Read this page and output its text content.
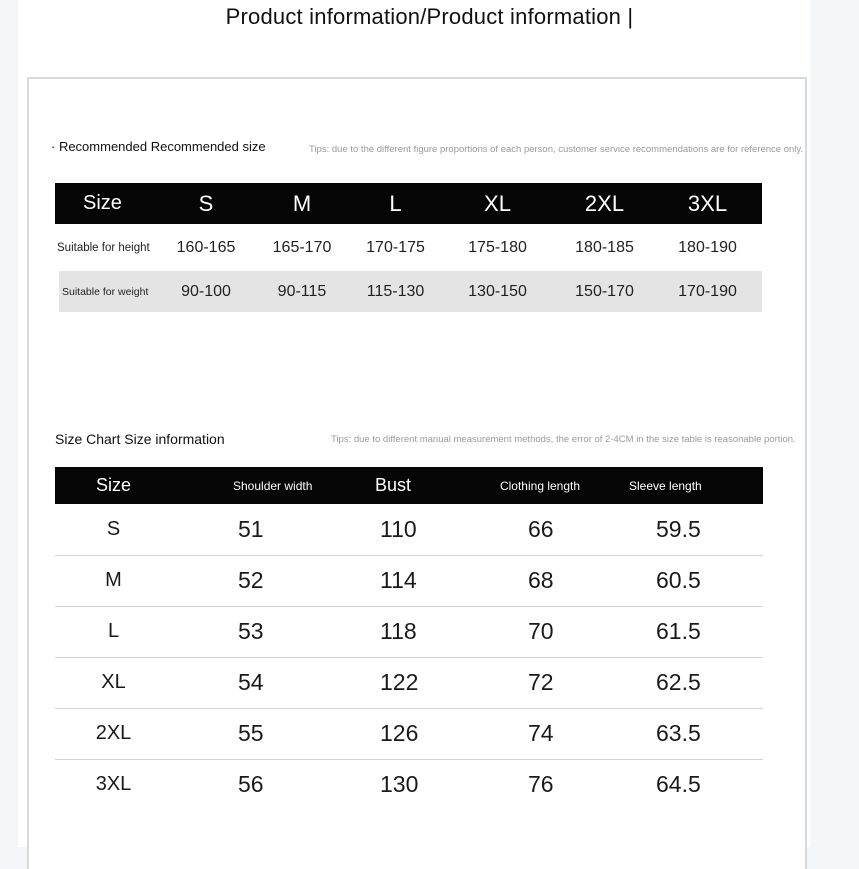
Product information/Product information |
· Recommended Recommended size	Tips: due to the different figure proportions of each person, customer service recommendations are for reference only.
Size	S	M	L	XL	2XL	3XL
Suitable for height	160-165	165-170	170-175	175-180	180-185	180-190
Suitable for weight	90-100	90-115	115-130	130-150	150-170	170-190
Size Chart Size information	Tips: due to different manual measurement methods, the error of 2-4CM in the size table is reasonable portion.
Size	Shoulder width	Bust	Clothing length	Sleeve length
S	51	110	66	59.5
M	52	114	68	60.5
L	53	118	70	61.5
XL	54	122	72	62.5
2XL	55	126	74	63.5
3XL	56	130	76	64.5
